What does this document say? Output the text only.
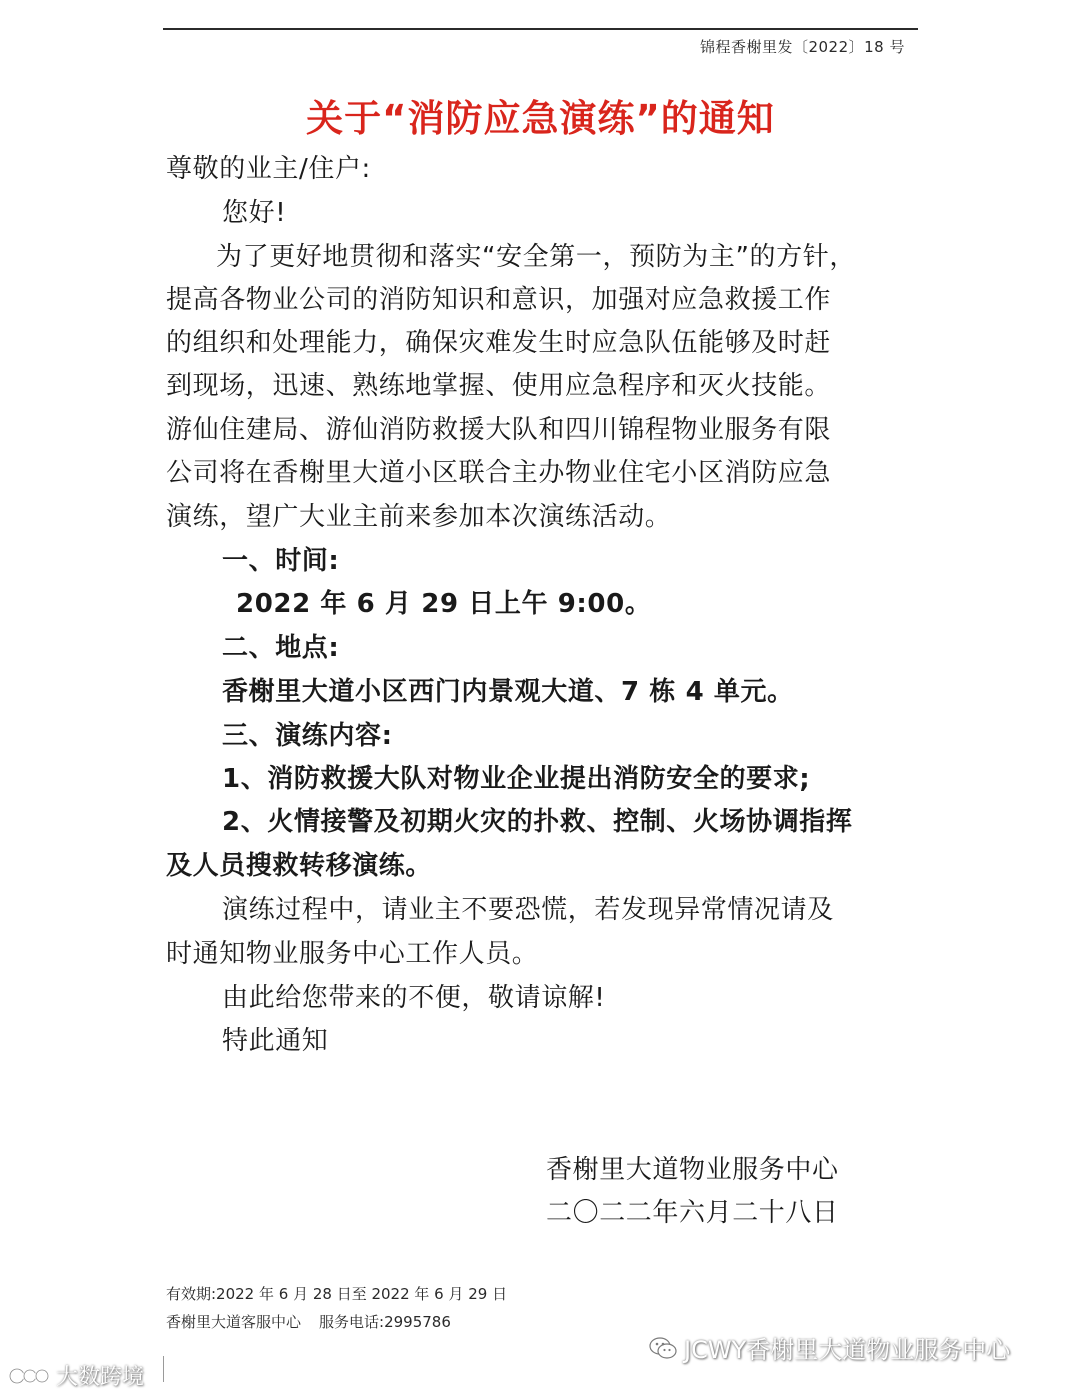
锦程香榭里发〔2022〕18 号
关于“消防应急演练”的通知
尊敬的业主/住户:
您好!
为了更好地贯彻和落实“安全第一，预防为主”的方针，
提高各物业公司的消防知识和意识，加强对应急救援工作
的组织和处理能力，确保灾难发生时应急队伍能够及时赶
到现场，迅速、熟练地掌握、使用应急程序和灭火技能。
游仙住建局、游仙消防救援大队和四川锦程物业服务有限
公司将在香榭里大道小区联合主办物业住宅小区消防应急
演练，望广大业主前来参加本次演练活动。
一、时间:
2022 年 6 月 29 日上午 9:00。
二、地点:
香榭里大道小区西门内景观大道、7 栋 4 单元。
三、演练内容:
1、消防救援大队对物业企业提出消防安全的要求;
2、火情接警及初期火灾的扑救、控制、火场协调指挥
及人员搜救转移演练。
演练过程中，请业主不要恐慌，若发现异常情况请及
时通知物业服务中心工作人员。
由此给您带来的不便，敬请谅解!
特此通知
香榭里大道物业服务中心
二〇二二年六月二十八日
有效期:2022 年 6 月 28 日至 2022 年 6 月 29 日
香榭里大道客服中心 服务电话:2995786
JCWY香榭里大道物业服务中心
大数跨境
